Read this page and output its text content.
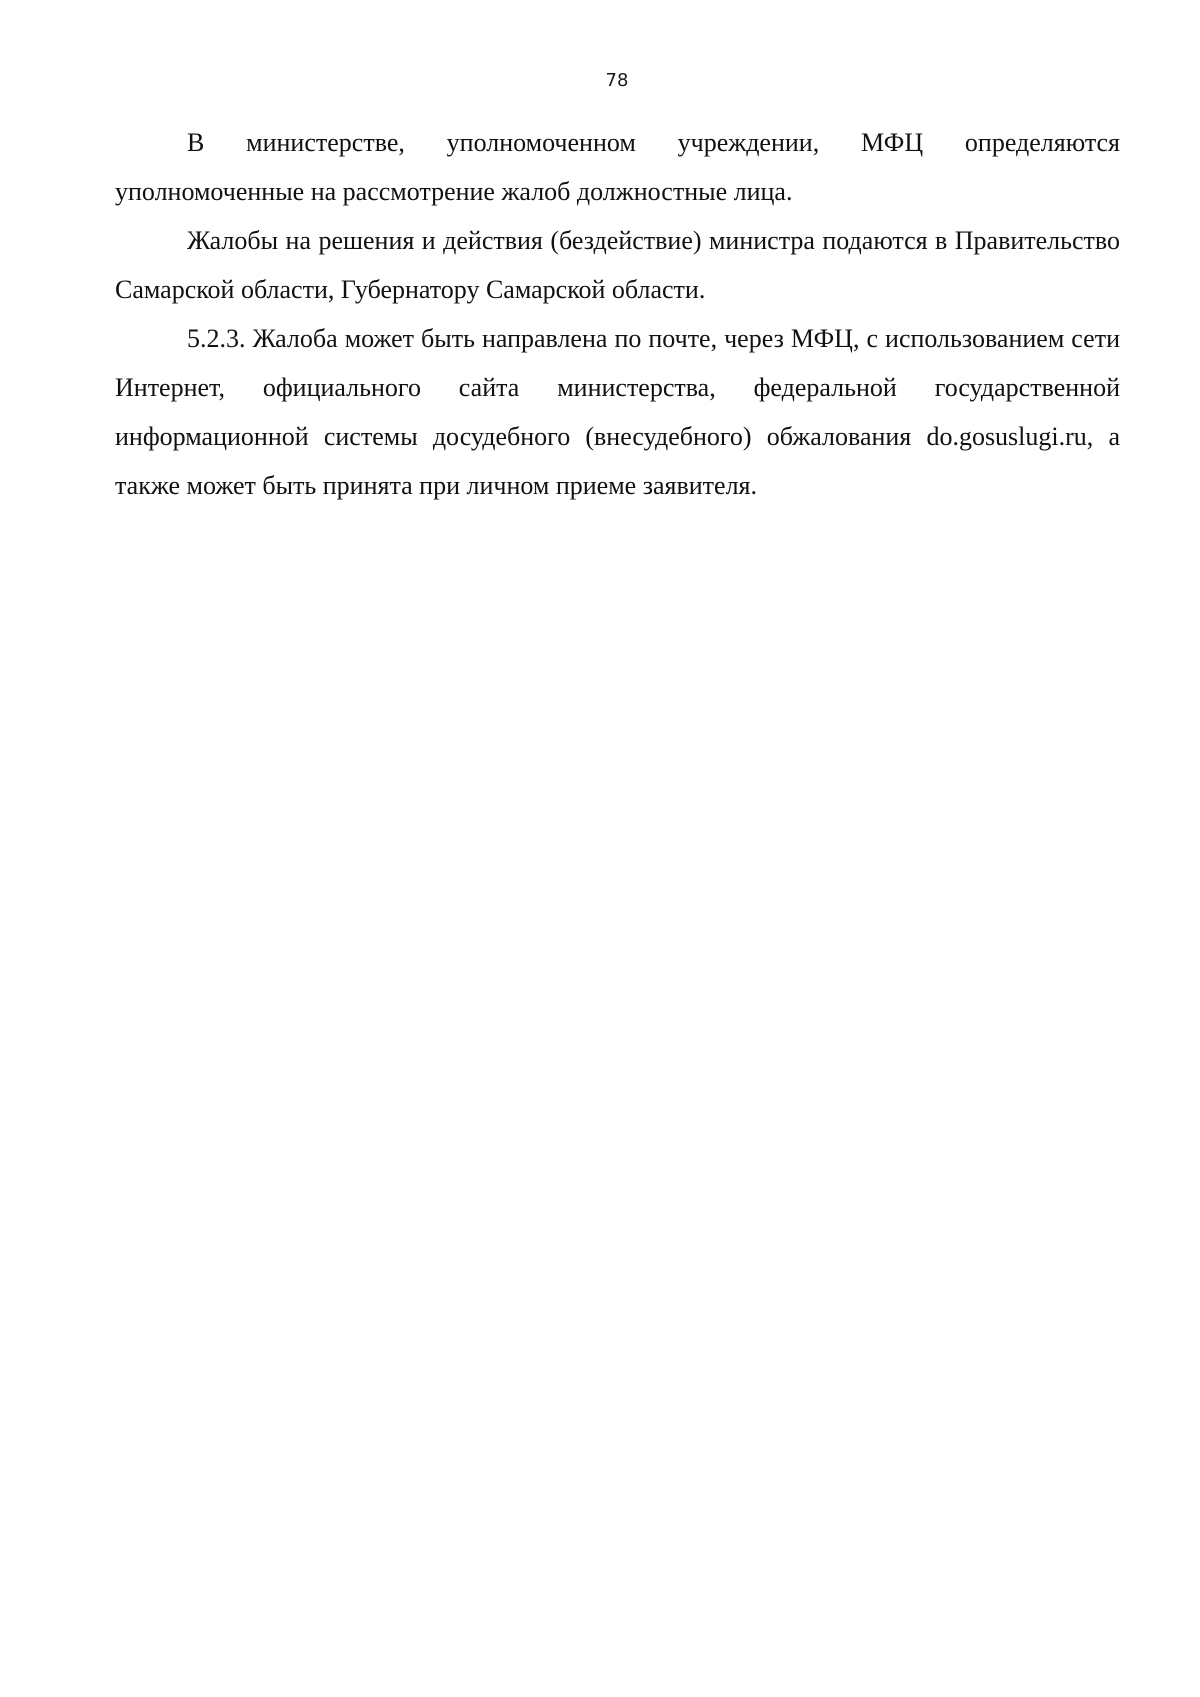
78

В министерстве, уполномоченном учреждении, МФЦ определяются уполномоченные на рассмотрение жалоб должностные лица.

Жалобы на решения и действия (бездействие) министра подаются в Правительство Самарской области, Губернатору Самарской области.

5.2.3. Жалоба может быть направлена по почте, через МФЦ, с использованием сети Интернет, официального сайта министерства, федеральной государственной информационной системы досудебного (внесудебного) обжалования do.gosuslugi.ru, а также может быть принята при личном приеме заявителя.
